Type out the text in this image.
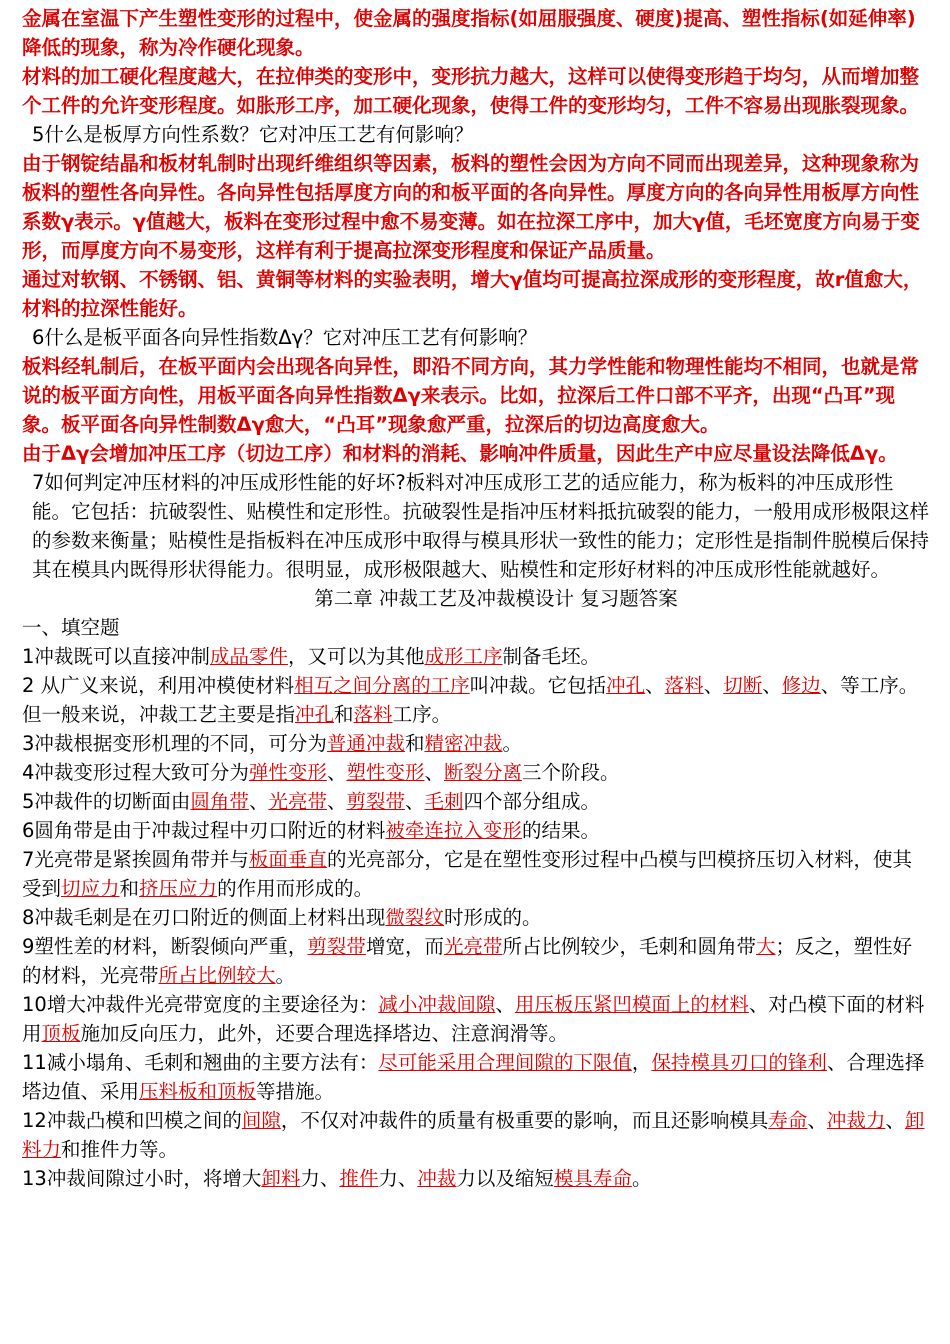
金属在室温下产生塑性变形的过程中，使金属的强度指标(如屈服强度、硬度)提高、塑性指标(如延伸率)降低的现象，称为冷作硬化现象。

材料的加工硬化程度越大，在拉伸类的变形中，变形抗力越大，这样可以使得变形趋于均匀，从而增加整个工件的允许变形程度。如胀形工序，加工硬化现象，使得工件的变形均匀，工件不容易出现胀裂现象。

5什么是板厚方向性系数？它对冲压工艺有何影响？

由于钢锭结晶和板材轧制时出现纤维组织等因素，板料的塑性会因为方向不同而出现差异，这种现象称为板料的塑性各向异性。各向异性包括厚度方向的和板平面的各向异性。厚度方向的各向异性用板厚方向性系数γ表示。γ值越大，板料在变形过程中愈不易变薄。如在拉深工序中，加大γ值，毛坯宽度方向易于变形，而厚度方向不易变形，这样有利于提高拉深变形程度和保证产品质量。

通过对软钢、不锈钢、铝、黄铜等材料的实验表明，增大γ值均可提高拉深成形的变形程度，故r值愈大，材料的拉深性能好。

6什么是板平面各向异性指数Δγ？它对冲压工艺有何影响？

板料经轧制后，在板平面内会出现各向异性，即沿不同方向，其力学性能和物理性能均不相同，也就是常说的板平面方向性，用板平面各向异性指数Δγ来表示。比如，拉深后工件口部不平齐，出现“凸耳”现象。板平面各向异性制数Δγ愈大，“凸耳”现象愈严重，拉深后的切边高度愈大。

由于Δγ会增加冲压工序（切边工序）和材料的消耗、影响冲件质量，因此生产中应尽量设法降低Δγ。

7如何判定冲压材料的冲压成形性能的好坏?板料对冲压成形工艺的适应能力，称为板料的冲压成形性能。它包括：抗破裂性、贴模性和定形性。抗破裂性是指冲压材料抵抗破裂的能力，一般用成形极限这样的参数来衡量；贴模性是指板料在冲压成形中取得与模具形状一致性的能力；定形性是指制件脱模后保持其在模具内既得形状得能力。很明显，成形极限越大、贴模性和定形好材料的冲压成形性能就越好。

第二章 冲裁工艺及冲裁模设计 复习题答案

一、填空题

1冲裁既可以直接冲制成品零件，又可以为其他成形工序制备毛坯。

2 从广义来说，利用冲模使材料相互之间分离的工序叫冲裁。它包括冲孔、落料、切断、修边、等工序。但一般来说，冲裁工艺主要是指冲孔和落料工序。

3冲裁根据变形机理的不同，可分为普通冲裁和精密冲裁。

4冲裁变形过程大致可分为弹性变形、塑性变形、断裂分离三个阶段。

5冲裁件的切断面由圆角带、光亮带、剪裂带、毛刺四个部分组成。

6圆角带是由于冲裁过程中刃口附近的材料被牵连拉入变形的结果。

7光亮带是紧挨圆角带并与板面垂直的光亮部分，它是在塑性变形过程中凸模与凹模挤压切入材料，使其受到切应力和挤压应力的作用而形成的。

8冲裁毛刺是在刃口附近的侧面上材料出现微裂纹时形成的。

9塑性差的材料，断裂倾向严重，剪裂带增宽，而光亮带所占比例较少，毛刺和圆角带大；反之，塑性好的材料，光亮带所占比例较大。

10增大冲裁件光亮带宽度的主要途径为：减小冲裁间隙、用压板压紧凹模面上的材料、对凸模下面的材料用顶板施加反向压力，此外，还要合理选择塔边、注意润滑等。

11减小塌角、毛刺和翘曲的主要方法有：尽可能采用合理间隙的下限值，保持模具刃口的锋利、合理选择塔边值、采用压料板和顶板等措施。

12冲裁凸模和凹模之间的间隙，不仅对冲裁件的质量有极重要的影响，而且还影响模具寿命、冲裁力、卸料力和推件力等。

13冲裁间隙过小时，将增大卸料力、推件力、冲裁力以及缩短模具寿命。
